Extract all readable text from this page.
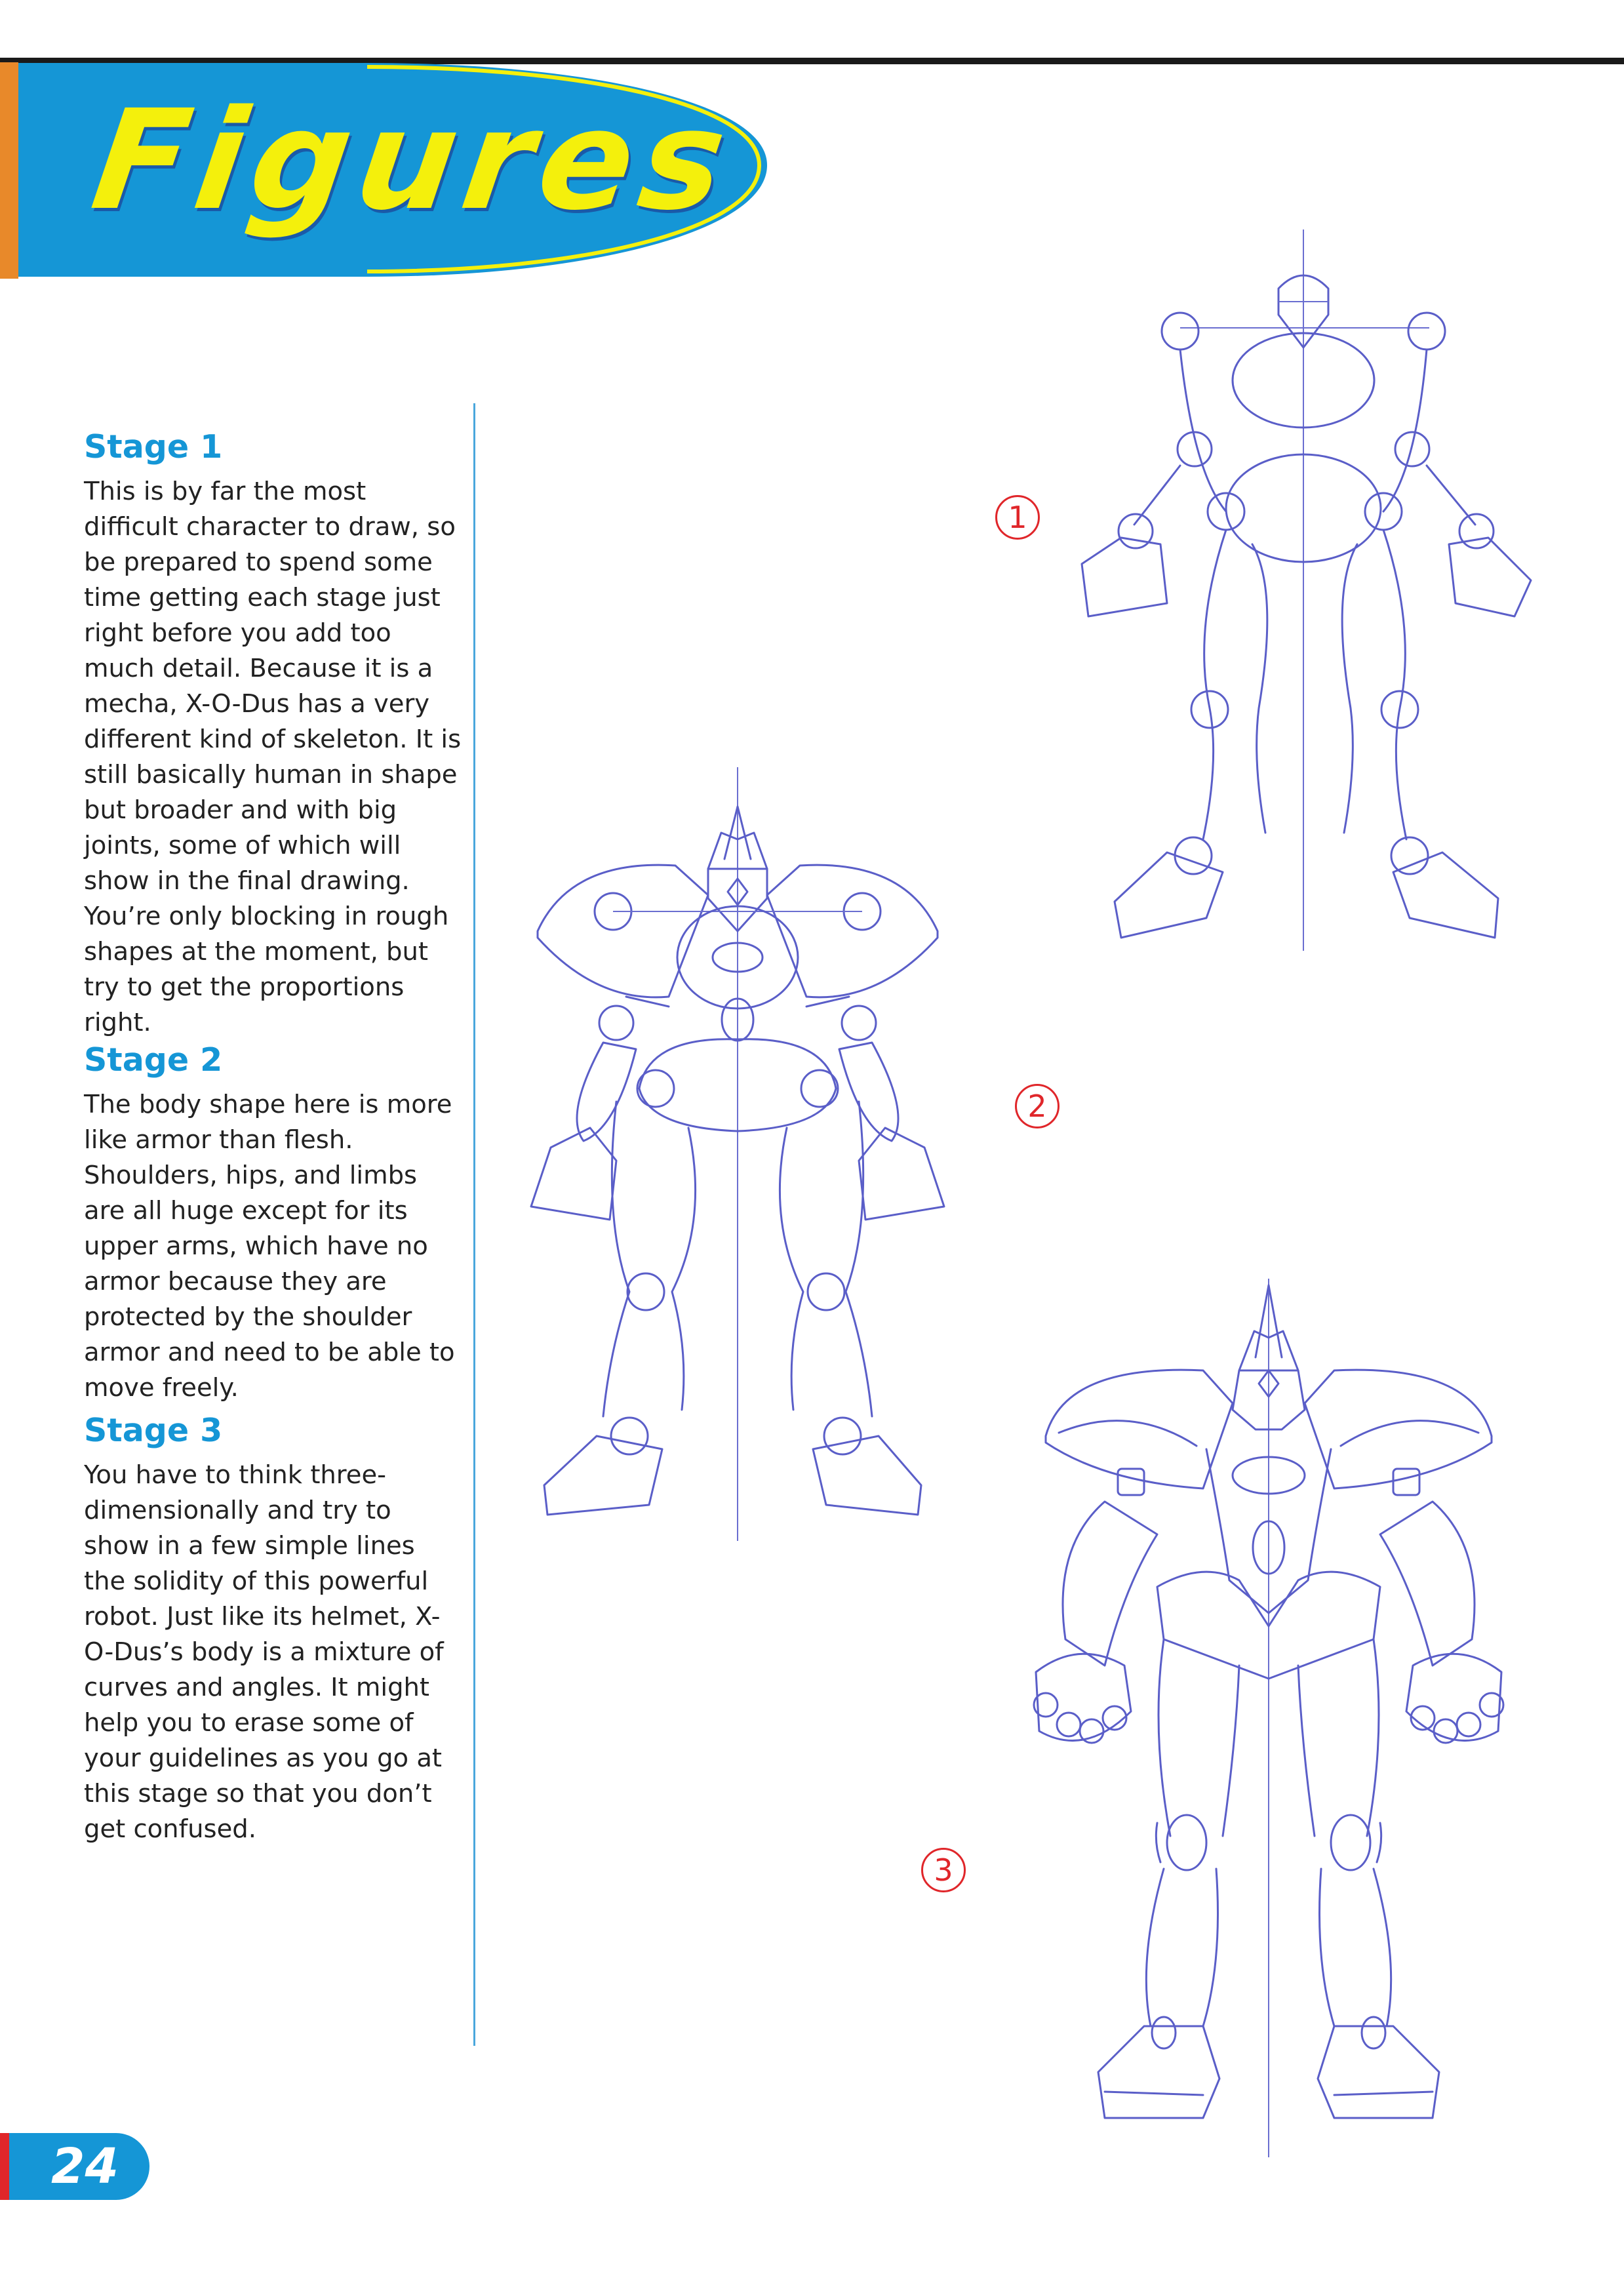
Figures
Stage 1

This is by far the most difficult character to draw, so be prepared to spend some time getting each stage just right before you add too much detail. Because it is a mecha, X-O-Dus has a very different kind of skeleton. It is still basically human in shape but broader and with big joints, some of which will show in the final drawing. You’re only blocking in rough shapes at the moment, but try to get the proportions right.

Stage 2

The body shape here is more like armor than flesh. Shoulders, hips, and limbs are all huge except for its upper arms, which have no armor because they are protected by the shoulder armor and need to be able to move freely.

Stage 3

You have to think three-dimensionally and try to show in a few simple lines the solidity of this powerful robot. Just like its helmet, X-O-Dus’s body is a mixture of curves and angles. It might help you to erase some of your guidelines as you go at this stage so that you don’t get confused.

1
2
3
24
